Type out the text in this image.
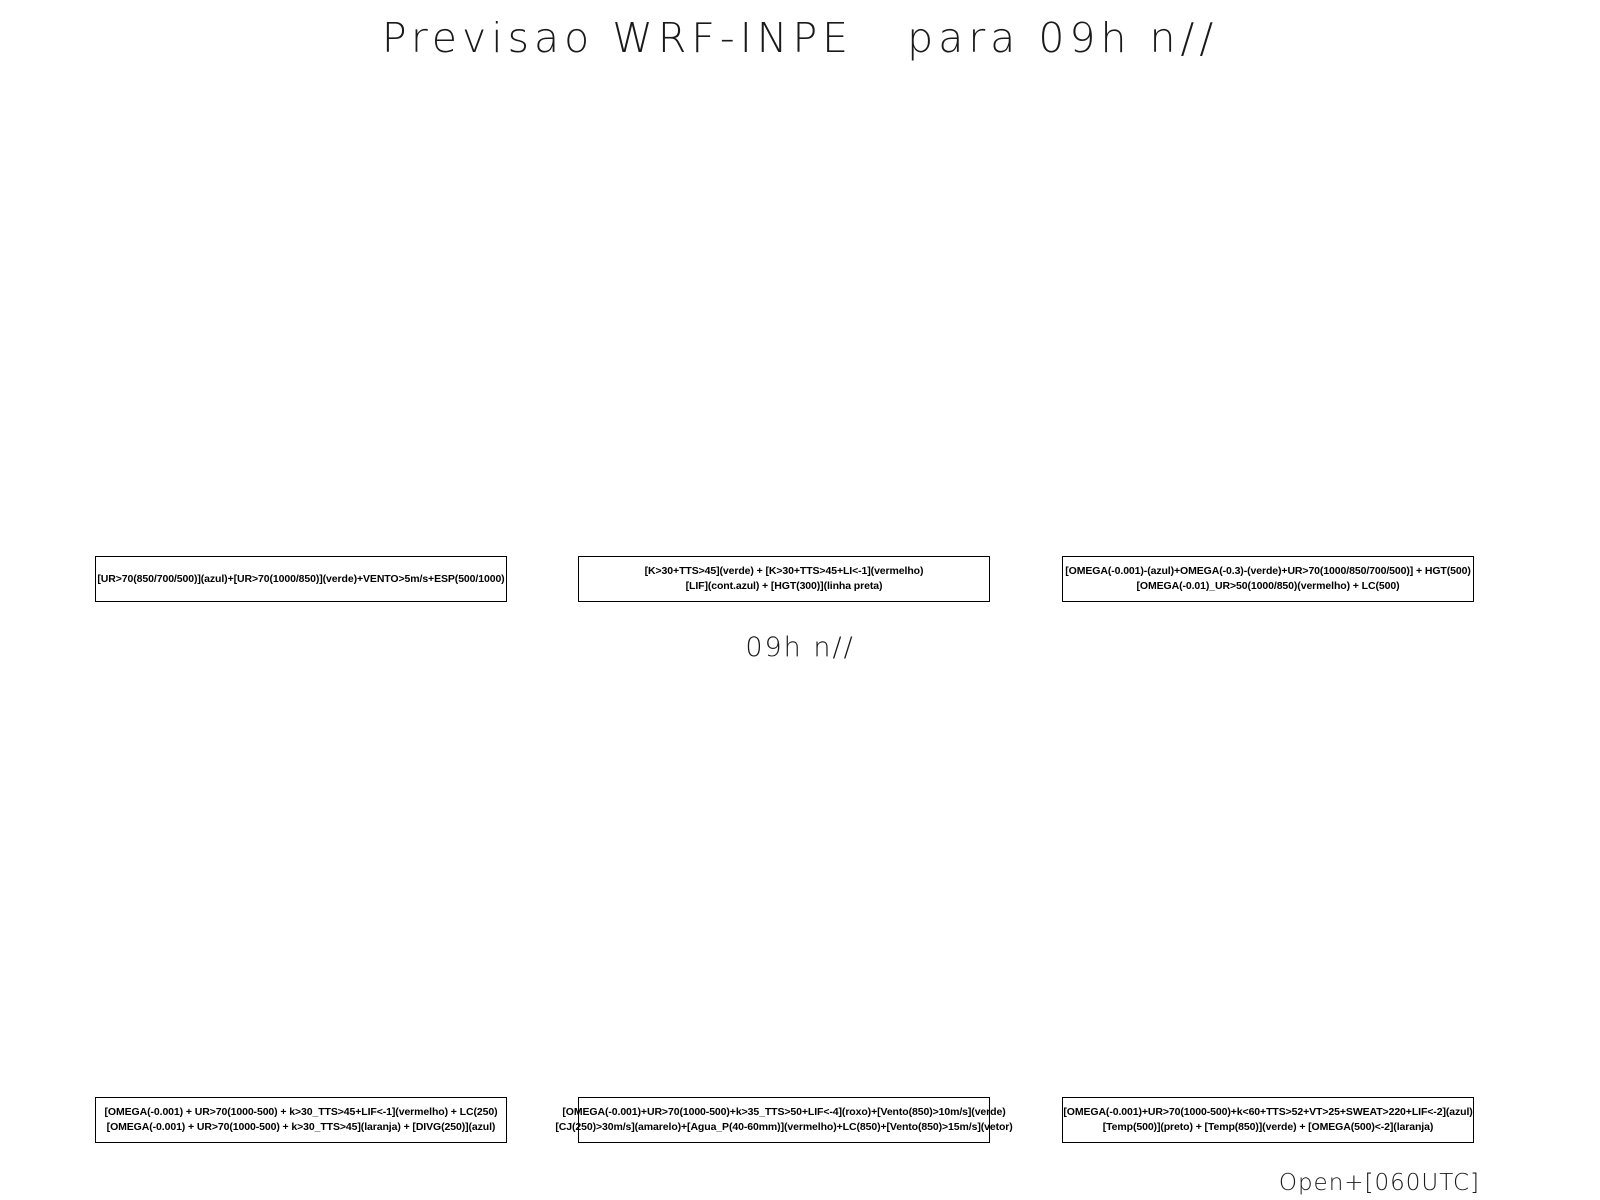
Previsao WRF-INPE   para 09h n//
[UR>70(850/700/500)](azul)+[UR>70(1000/850)](verde)+VENTO>5m/s+ESP(500/1000)
[K>30+TTS>45](verde) + [K>30+TTS>45+LI<-1](vermelho)
[LIF](cont.azul) + [HGT(300)](linha preta)
[OMEGA(-0.001)-(azul)+OMEGA(-0.3)-(verde)+UR>70(1000/850/700/500)] + HGT(500)
[OMEGA(-0.01)_UR>50(1000/850)(vermelho) + LC(500)
09h n//
[OMEGA(-0.001) + UR>70(1000-500) + k>30_TTS>45+LIF<-1](vermelho) + LC(250)
[OMEGA(-0.001) + UR>70(1000-500) + k>30_TTS>45](laranja) + [DIVG(250)](azul)
[OMEGA(-0.001)+UR>70(1000-500)+k>35_TTS>50+LIF<-4](roxo)+[Vento(850)>10m/s](verde)
[CJ(250)>30m/s](amarelo)+[Agua_P(40-60mm)](vermelho)+LC(850)+[Vento(850)>15m/s](vetor)
[OMEGA(-0.001)+UR>70(1000-500)+k<60+TTS>52+VT>25+SWEAT>220+LIF<-2](azul)
[Temp(500)](preto) + [Temp(850)](verde) + [OMEGA(500)<-2](laranja)
Open+[060UTC]
